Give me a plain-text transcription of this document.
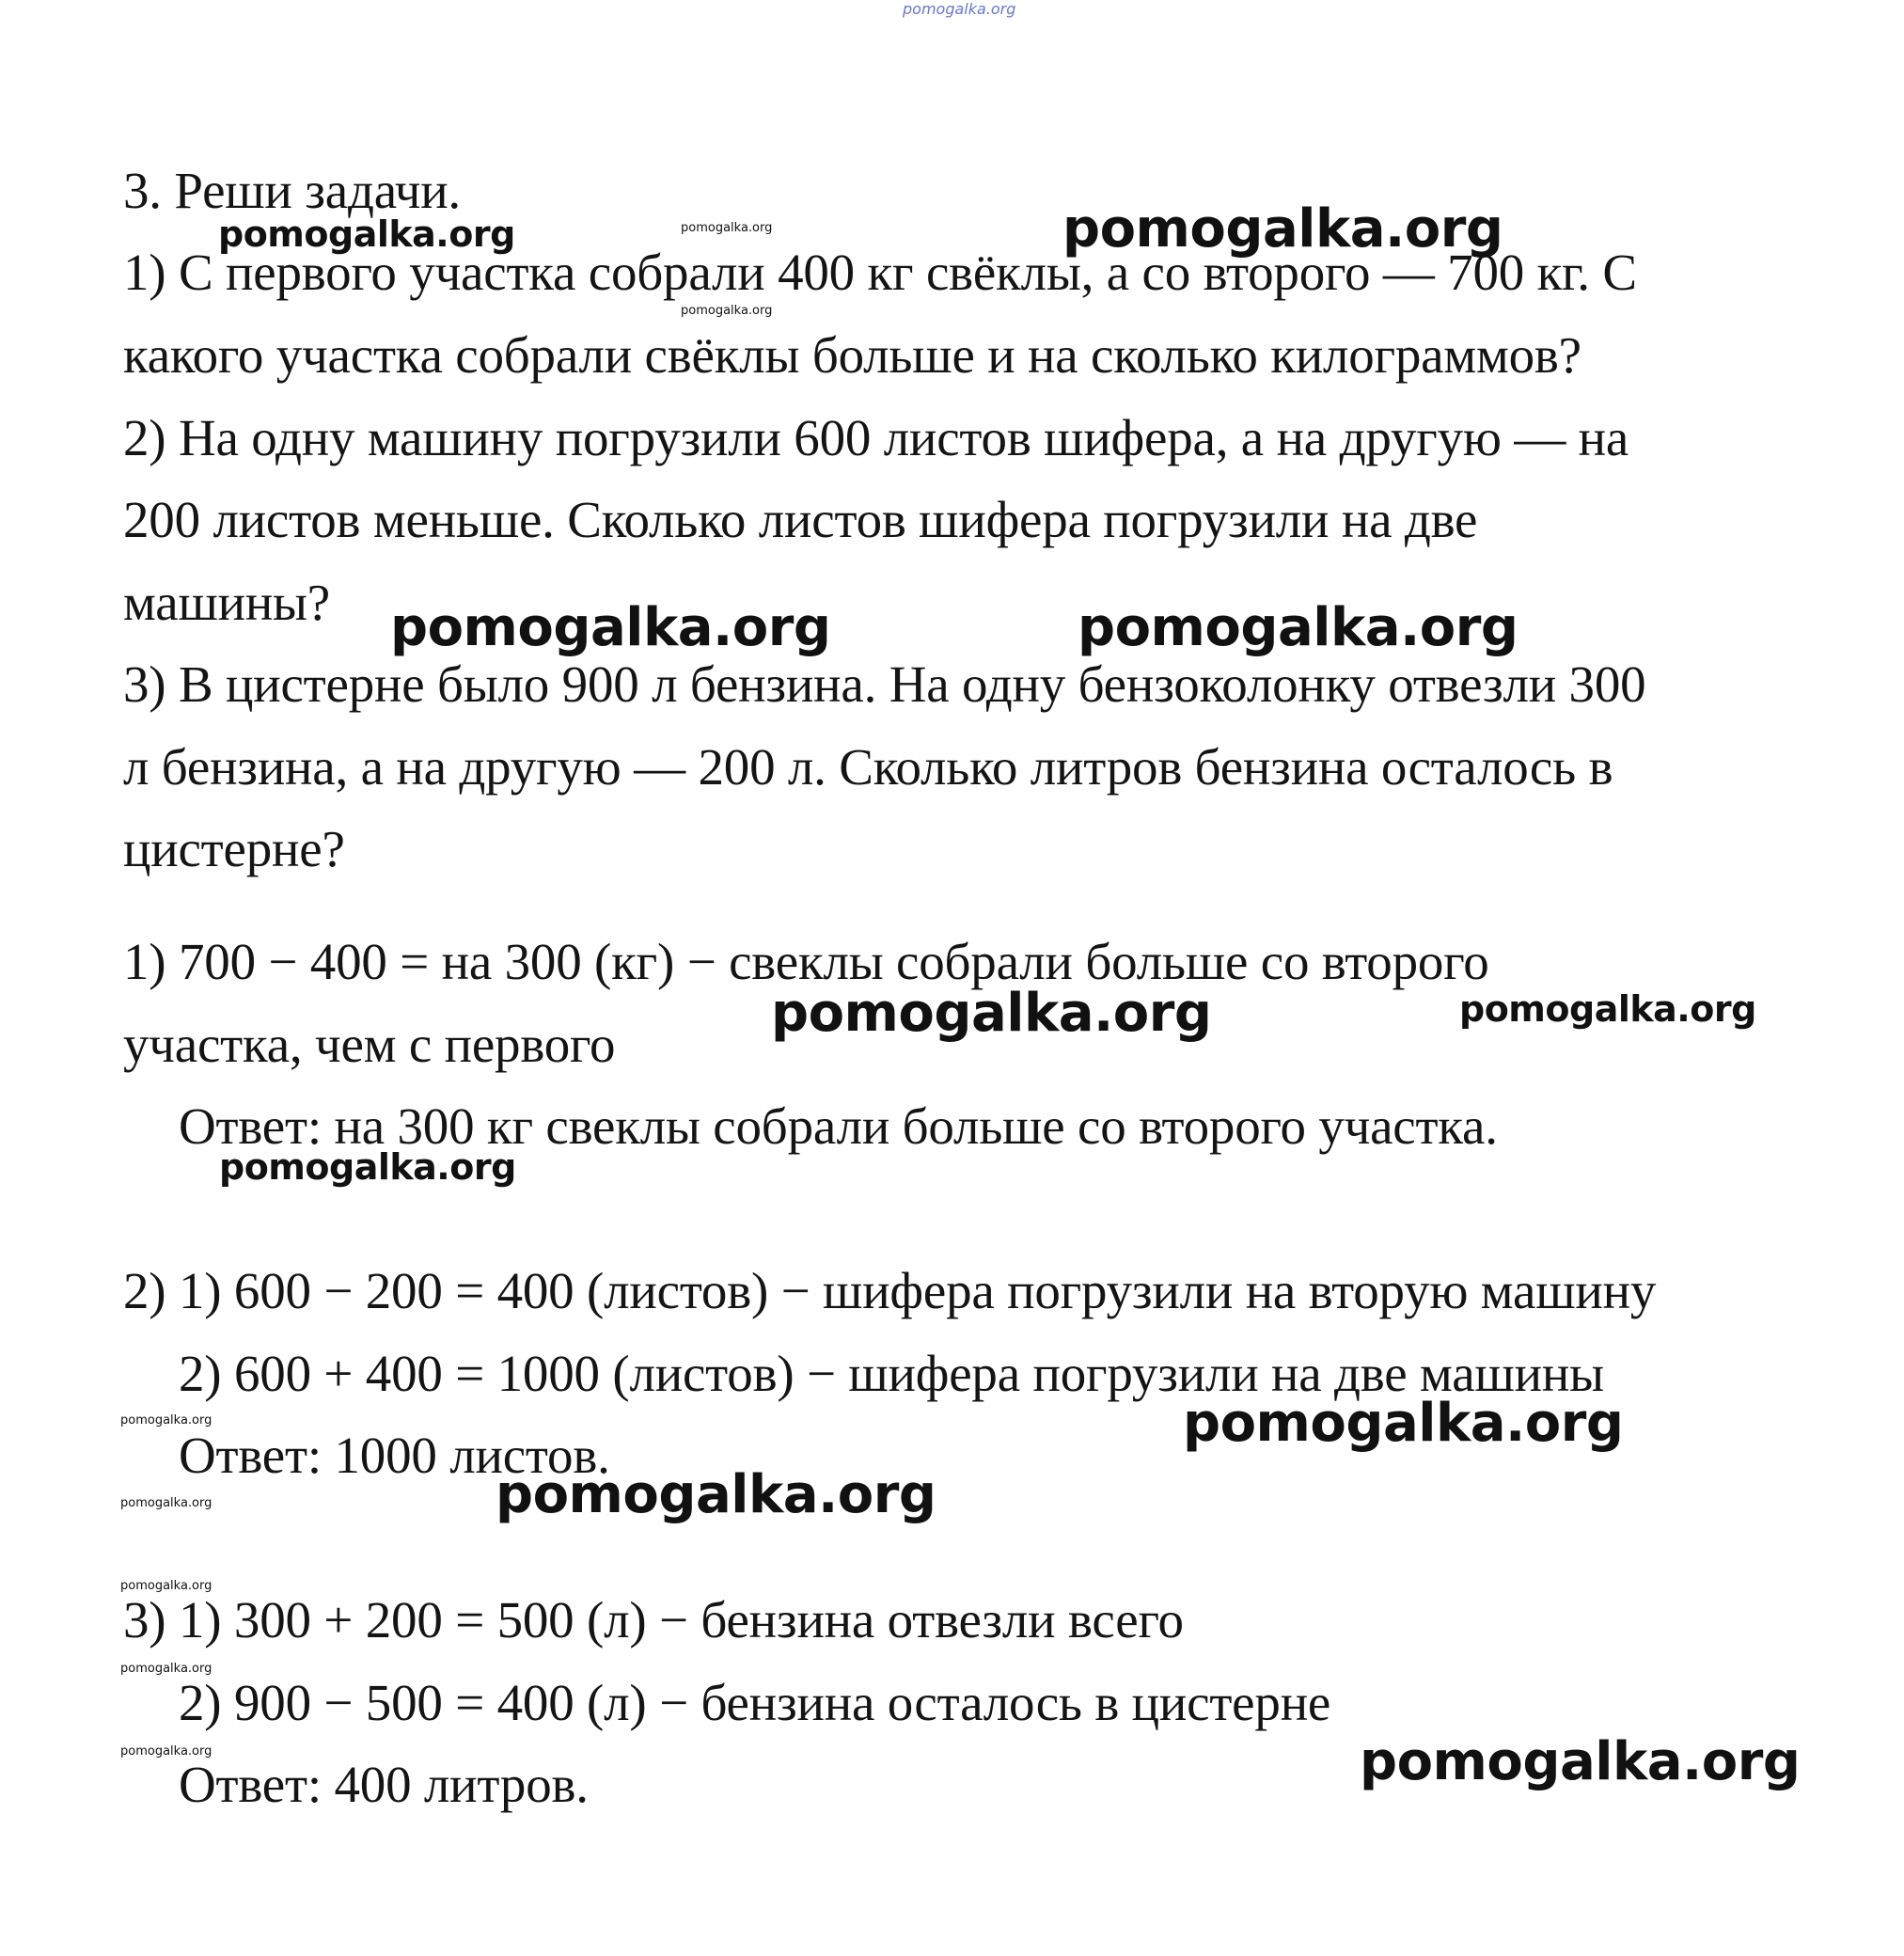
pomogalka.org
3. Реши задачи.
1) С первого участка собрали 400 кг свёклы, а со второго — 700 кг. С
какого участка собрали свёклы больше и на сколько килограммов?
2) На одну машину погрузили 600 листов шифера, а на другую — на
200 листов меньше. Сколько листов шифера погрузили на две
машины?
3) В цистерне было 900 л бензина. На одну бензоколонку отвезли 300
л бензина, а на другую — 200 л. Сколько литров бензина осталось в
цистерне?
1) 700 − 400 = на 300 (кг) − свеклы собрали больше со второго
участка, чем с первого
Ответ: на 300 кг свеклы собрали больше со второго участка.
2) 1) 600 − 200 = 400 (листов) − шифера погрузили на вторую машину
2) 600 + 400 = 1000 (листов) − шифера погрузили на две машины
Ответ: 1000 листов.
3) 1) 300 + 200 = 500 (л) − бензина отвезли всего
2) 900 − 500 = 400 (л) − бензина осталось в цистерне
Ответ: 400 литров.
pomogalka.org	pomogalka.org
pomogalka.org
pomogalka.org
pomogalka.org	pomogalka.org
pomogalka.org	pomogalka.org
pomogalka.org
pomogalka.org	pomogalka.org
pomogalka.org	pomogalka.org
pomogalka.org
pomogalka.org
pomogalka.org	pomogalka.org
